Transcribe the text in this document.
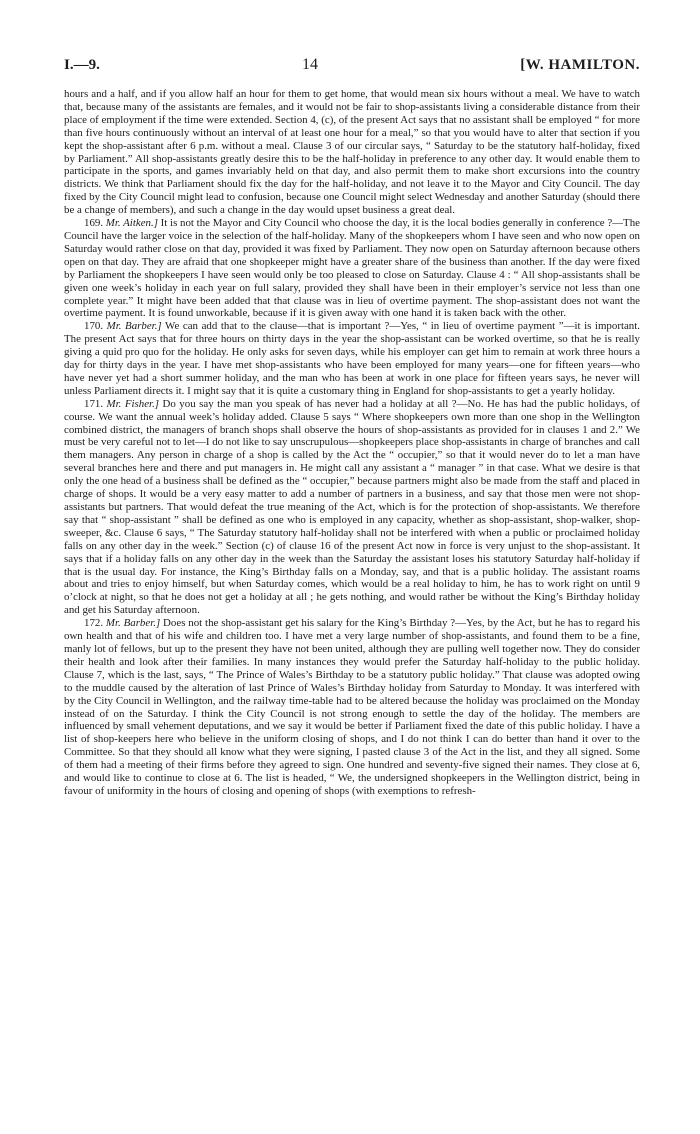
I.—9.	14	[W. HAMILTON.

hours and a half, and if you allow half an hour for them to get home, that would mean six hours without a meal. We have to watch that, because many of the assistants are females, and it would not be fair to shop-assistants living a considerable distance from their place of employment if the time were extended. Section 4, (c), of the present Act says that no assistant shall be employed “ for more than five hours continuously without an interval of at least one hour for a meal,” so that you would have to alter that section if you kept the shop-assistant after 6 p.m. without a meal. Clause 3 of our circular says, “ Saturday to be the statutory half-holiday, fixed by Parliament.” All shop-assistants greatly desire this to be the half-holiday in preference to any other day. It would enable them to participate in the sports, and games invariably held on that day, and also permit them to make short excursions into the country districts. We think that Parliament should fix the day for the half-holiday, and not leave it to the Mayor and City Council. The day fixed by the City Council might lead to confusion, because one Council might select Wednesday and another Saturday (should there be a change of members), and such a change in the day would upset business a great deal.

169. Mr. Aitken.] It is not the Mayor and City Council who choose the day, it is the local bodies generally in conference ?—The Council have the larger voice in the selection of the half-holiday. Many of the shopkeepers whom I have seen and who now open on Saturday would rather close on that day, provided it was fixed by Parliament. They now open on Saturday afternoon because others open on that day. They are afraid that one shopkeeper might have a greater share of the business than another. If the day were fixed by Parliament the shopkeepers I have seen would only be too pleased to close on Saturday. Clause 4 : “ All shop-assistants shall be given one week’s holiday in each year on full salary, provided they shall have been in their employer’s service not less than one complete year.” It might have been added that that clause was in lieu of overtime payment. The shop-assistant does not want the overtime payment. It is found unworkable, because if it is given away with one hand it is taken back with the other.

170. Mr. Barber.] We can add that to the clause—that is important ?—Yes, “ in lieu of overtime payment ”—it is important. The present Act says that for three hours on thirty days in the year the shop-assistant can be worked overtime, so that he is really giving a quid pro quo for the holiday. He only asks for seven days, while his employer can get him to remain at work three hours a day for thirty days in the year. I have met shop-assistants who have been employed for many years—one for fifteen years—who have never yet had a short summer holiday, and the man who has been at work in one place for fifteen years says, he never will unless Parliament directs it. I might say that it is quite a customary thing in England for shop-assistants to get a yearly holiday.

171. Mr. Fisher.] Do you say the man you speak of has never had a holiday at all ?—No. He has had the public holidays, of course. We want the annual week’s holiday added. Clause 5 says “ Where shopkeepers own more than one shop in the Wellington combined district, the managers of branch shops shall observe the hours of shop-assistants as provided for in clauses 1 and 2.” We must be very careful not to let—I do not like to say unscrupulous—shopkeepers place shop-assistants in charge of branches and call them managers. Any person in charge of a shop is called by the Act the “ occupier,” so that it would never do to let a man have several branches here and there and put managers in. He might call any assistant a “ manager ” in that case. What we desire is that only the one head of a business shall be defined as the “ occupier,” because partners might also be made from the staff and placed in charge of shops. It would be a very easy matter to add a number of partners in a business, and say that those men were not shop-assistants but partners. That would defeat the true meaning of the Act, which is for the protection of shop-assistants. We therefore say that “ shop-assistant ” shall be defined as one who is employed in any capacity, whether as shop-assistant, shop-walker, shop-sweeper, &c. Clause 6 says, “ The Saturday statutory half-holiday shall not be interfered with when a public or proclaimed holiday falls on any other day in the week.” Section (c) of clause 16 of the present Act now in force is very unjust to the shop-assistant. It says that if a holiday falls on any other day in the week than the Saturday the assistant loses his statutory Saturday half-holiday if that is the usual day. For instance, the King’s Birthday falls on a Monday, say, and that is a public holiday. The assistant roams about and tries to enjoy himself, but when Saturday comes, which would be a real holiday to him, he has to work right on until 9 o’clock at night, so that he does not get a holiday at all ; he gets nothing, and would rather be without the King’s Birthday holiday and get his Saturday afternoon.

172. Mr. Barber.] Does not the shop-assistant get his salary for the King’s Birthday ?—Yes, by the Act, but he has to regard his own health and that of his wife and children too. I have met a very large number of shop-assistants, and found them to be a fine, manly lot of fellows, but up to the present they have not been united, although they are pulling well together now. They do consider their health and look after their families. In many instances they would prefer the Saturday half-holiday to the public holiday. Clause 7, which is the last, says, “ The Prince of Wales’s Birthday to be a statutory public holiday.” That clause was adopted owing to the muddle caused by the alteration of last Prince of Wales’s Birthday holiday from Saturday to Monday. It was interfered with by the City Council in Wellington, and the railway time-table had to be altered because the holiday was proclaimed on the Monday instead of on the Saturday. I think the City Council is not strong enough to settle the day of the holiday. The members are influenced by small vehement deputations, and we say it would be better if Parliament fixed the date of this public holiday. I have a list of shop-keepers here who believe in the uniform closing of shops, and I do not think I can do better than hand it over to the Committee. So that they should all know what they were signing, I pasted clause 3 of the Act in the list, and they all signed. Some of them had a meeting of their firms before they agreed to sign. One hundred and seventy-five signed their names. They close at 6, and would like to continue to close at 6. The list is headed, “ We, the undersigned shopkeepers in the Wellington district, being in favour of uniformity in the hours of closing and opening of shops (with exemptions to refresh-
